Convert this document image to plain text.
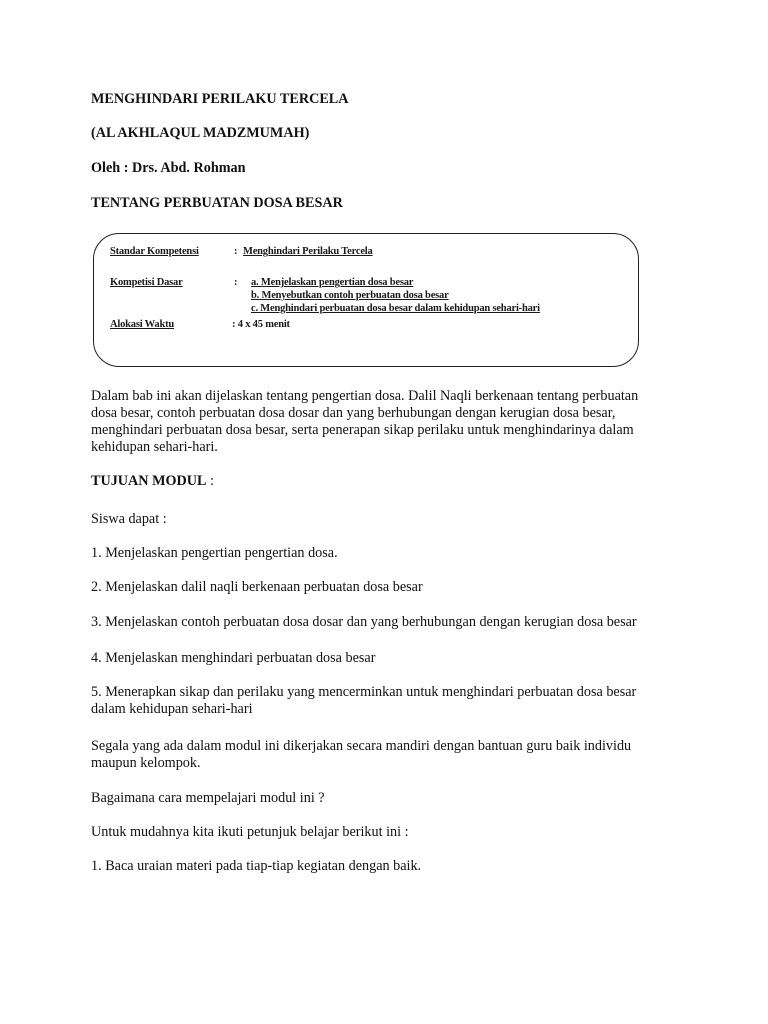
MENGHINDARI PERILAKU TERCELA

(AL AKHLAQUL MADZMUMAH)

Oleh : Drs. Abd. Rohman

TENTANG PERBUATAN DOSA BESAR

Standar Kompetensi	: Menghindari Perilaku Tercela
Kompetisi Dasar	: a. Menjelaskan pengertian dosa besar
b. Menyebutkan contoh perbuatan dosa besar
c. Menghindari perbuatan dosa besar dalam kehidupan sehari-hari
Alokasi Waktu	: 4 x 45 menit
Dalam bab ini akan dijelaskan tentang pengertian dosa. Dalil Naqli berkenaan tentang perbuatan
dosa besar, contoh perbuatan dosa dosar dan yang berhubungan dengan kerugian dosa besar,
menghindari perbuatan dosa besar, serta penerapan sikap perilaku untuk menghindarinya dalam
kehidupan sehari-hari.

TUJUAN MODUL :

Siswa dapat :

1. Menjelaskan pengertian pengertian dosa.

2. Menjelaskan dalil naqli berkenaan perbuatan dosa besar

3. Menjelaskan contoh perbuatan dosa dosar dan yang berhubungan dengan kerugian dosa besar

4. Menjelaskan menghindari perbuatan dosa besar

5. Menerapkan sikap dan perilaku yang mencerminkan untuk menghindari perbuatan dosa besar
dalam kehidupan sehari-hari
Segala yang ada dalam modul ini dikerjakan secara mandiri dengan bantuan guru baik individu
maupun kelompok.

Bagaimana cara mempelajari modul ini ?

Untuk mudahnya kita ikuti petunjuk belajar berikut ini :

1. Baca uraian materi pada tiap-tiap kegiatan dengan baik.
